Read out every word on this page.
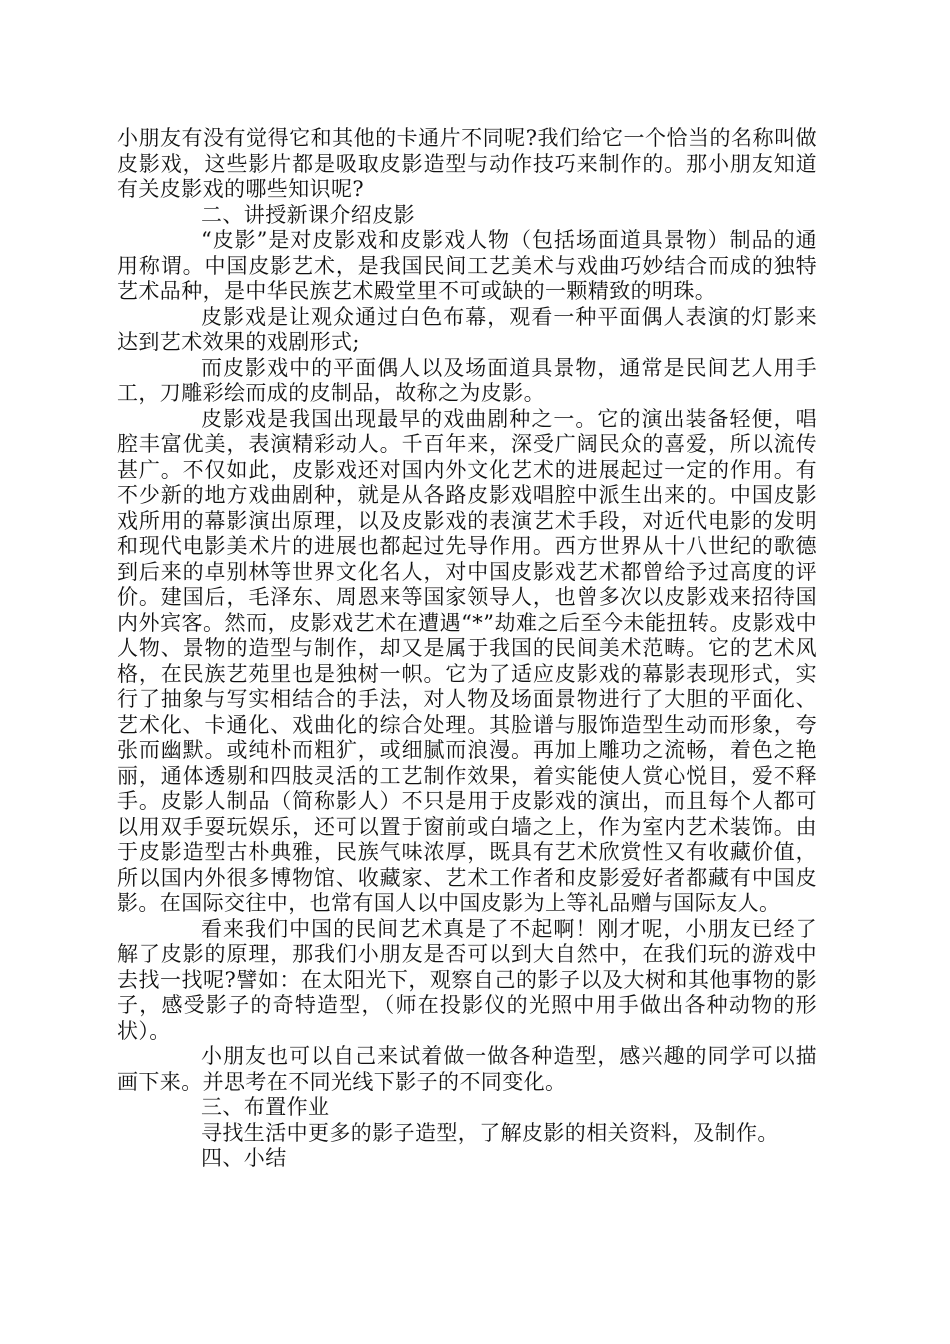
小朋友有没有觉得它和其他的卡通片不同呢?我们给它一个恰当的名称叫做皮影戏，这些影片都是吸取皮影造型与动作技巧来制作的。那小朋友知道有关皮影戏的哪些知识呢?

二、讲授新课介绍皮影

“皮影”是对皮影戏和皮影戏人物（包括场面道具景物）制品的通用称谓。中国皮影艺术，是我国民间工艺美术与戏曲巧妙结合而成的独特艺术品种，是中华民族艺术殿堂里不可或缺的一颗精致的明珠。

皮影戏是让观众通过白色布幕，观看一种平面偶人表演的灯影来达到艺术效果的戏剧形式;

而皮影戏中的平面偶人以及场面道具景物，通常是民间艺人用手工，刀雕彩绘而成的皮制品，故称之为皮影。

皮影戏是我国出现最早的戏曲剧种之一。它的演出装备轻便，唱腔丰富优美，表演精彩动人。千百年来，深受广阔民众的喜爱，所以流传甚广。不仅如此，皮影戏还对国内外文化艺术的进展起过一定的作用。有不少新的地方戏曲剧种，就是从各路皮影戏唱腔中派生出来的。中国皮影戏所用的幕影演出原理，以及皮影戏的表演艺术手段，对近代电影的发明和现代电影美术片的进展也都起过先导作用。西方世界从十八世纪的歌德到后来的卓别林等世界文化名人，对中国皮影戏艺术都曾给予过高度的评价。建国后，毛泽东、周恩来等国家领导人，也曾多次以皮影戏来招待国内外宾客。然而，皮影戏艺术在遭遇“*”劫难之后至今未能扭转。皮影戏中人物、景物的造型与制作，却又是属于我国的民间美术范畴。它的艺术风格，在民族艺苑里也是独树一帜。它为了适应皮影戏的幕影表现形式，实行了抽象与写实相结合的手法，对人物及场面景物进行了大胆的平面化、艺术化、卡通化、戏曲化的综合处理。其脸谱与服饰造型生动而形象，夸张而幽默。或纯朴而粗犷，或细腻而浪漫。再加上雕功之流畅，着色之艳丽，通体透剔和四肢灵活的工艺制作效果，着实能使人赏心悦目，爱不释手。皮影人制品（简称影人）不只是用于皮影戏的演出，而且每个人都可以用双手耍玩娱乐，还可以置于窗前或白墙之上，作为室内艺术装饰。由于皮影造型古朴典雅，民族气味浓厚，既具有艺术欣赏性又有收藏价值，所以国内外很多博物馆、收藏家、艺术工作者和皮影爱好者都藏有中国皮影。在国际交往中，也常有国人以中国皮影为上等礼品赠与国际友人。

看来我们中国的民间艺术真是了不起啊！刚才呢，小朋友已经了解了皮影的原理，那我们小朋友是否可以到大自然中，在我们玩的游戏中去找一找呢?譬如：在太阳光下，观察自己的影子以及大树和其他事物的影子，感受影子的奇特造型，（师在投影仪的光照中用手做出各种动物的形状）。

小朋友也可以自己来试着做一做各种造型，感兴趣的同学可以描画下来。并思考在不同光线下影子的不同变化。

三、布置作业

寻找生活中更多的影子造型，了解皮影的相关资料，及制作。

四、小结
